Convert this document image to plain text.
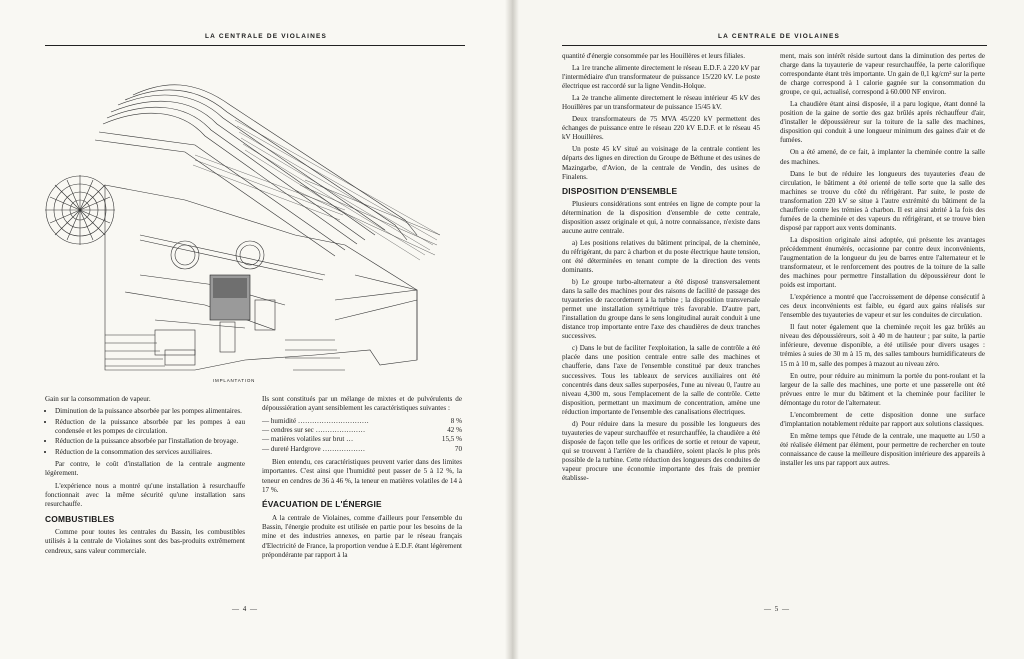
LA CENTRALE DE VIOLAINES
IMPLANTATION

Gain sur la consommation de vapeur.

• Diminution de la puissance absorbée par les pompes alimentaires.
• Réduction de la puissance absorbée par les pompes à eau condensée et les pompes de circulation.
• Réduction de la puissance absorbée par l'installation de broyage.
• Réduction de la consommation des services auxiliaires.

Par contre, le coût d'installation de la centrale augmente légèrement.

L'expérience nous a montré qu'une installation à resurchauffe fonctionnait avec la même sécurité qu'une installation sans resurchauffe.

COMBUSTIBLES

Comme pour toutes les centrales du Bassin, les combustibles utilisés à la centrale de Violaines sont des bas-produits extrêmement cendreux, sans valeur commerciale.

Ils sont constitués par un mélange de mixtes et de pulvérulents de dépoussiération ayant sensiblement les caractéristiques suivantes :

— humidité …………………………	8 %
— cendres sur sec …………………	42 %
— matières volatiles sur brut …	15,5 %
— dureté Hardgrove ………………	70

Bien entendu, ces caractéristiques peuvent varier dans des limites importantes. C'est ainsi que l'humidité peut passer de 5 à 12 %, la teneur en cendres de 36 à 46 %, la teneur en matières volatiles de 14 à 17 %.

ÉVACUATION DE L'ÉNERGIE

A la centrale de Violaines, comme d'ailleurs pour l'ensemble du Bassin, l'énergie produite est utilisée en partie pour les besoins de la mine et des industries annexes, en partie par le réseau français d'Electricité de France, la proportion vendue à E.D.F. étant légèrement prépondérante par rapport à la

— 4 —
LA CENTRALE DE VIOLAINES

quantité d'énergie consommée par les Houillères et leurs filiales.

La 1re tranche alimente directement le réseau E.D.F. à 220 kV par l'intermédiaire d'un transformateur de puissance 15/220 kV. Le poste électrique est raccordé sur la ligne Vendin-Holque.

La 2e tranche alimente directement le réseau intérieur 45 kV des Houillères par un transformateur de puissance 15/45 kV.

Deux transformateurs de 75 MVA 45/220 kV permettent des échanges de puissance entre le réseau 220 kV E.D.F. et le réseau 45 kV Houillères.

Un poste 45 kV situé au voisinage de la centrale contient les départs des lignes en direction du Groupe de Béthune et des usines de Mazingarbe, d'Avion, de la centrale de Vendin, des usines de Finalens.

DISPOSITION D'ENSEMBLE

Plusieurs considérations sont entrées en ligne de compte pour la détermination de la disposition d'ensemble de cette centrale, disposition assez originale et qui, à notre connaissance, n'existe dans aucune autre centrale.

a) Les positions relatives du bâtiment principal, de la cheminée, du réfrigérant, du parc à charbon et du poste électrique haute tension, ont été déterminées en tenant compte de la direction des vents dominants.

b) Le groupe turbo-alternateur a été disposé transversalement dans la salle des machines pour des raisons de facilité de passage des tuyauteries de raccordement à la turbine ; la disposition transversale permet une installation symétrique très favorable. D'autre part, l'installation du groupe dans le sens longitudinal aurait conduit à une distance trop importante entre l'axe des chaudières de deux tranches successives.

c) Dans le but de faciliter l'exploitation, la salle de contrôle a été placée dans une position centrale entre salle des machines et chaufferie, dans l'axe de l'ensemble constitué par deux tranches successives. Tous les tableaux de services auxiliaires ont été concentrés dans deux salles superposées, l'une au niveau 0, l'autre au niveau 4,300 m, sous l'emplacement de la salle de contrôle. Cette disposition, permettant un maximum de concentration, amène une réduction importante de l'ensemble des canalisations électriques.

d) Pour réduire dans la mesure du possible les longueurs des tuyauteries de vapeur surchauffée et resurchauffée, la chaudière a été disposée de façon telle que les orifices de sortie et retour de vapeur, qui se trouvent à l'arrière de la chaudière, soient placés le plus près possible de la turbine. Cette réduction des longueurs des conduites de vapeur procure une économie importante des frais de premier établisse-

ment, mais son intérêt réside surtout dans la diminution des pertes de charge dans la tuyauterie de vapeur resurchauffée, la perte calorifique correspondante étant très importante. Un gain de 0,1 kg/cm² sur la perte de charge correspond à 1 calorie gagnée sur la consommation du groupe, ce qui, actualisé, correspond à 60.000 NF environ.

La chaudière étant ainsi disposée, il a paru logique, étant donné la position de la gaine de sortie des gaz brûlés après réchauffeur d'air, d'installer le dépoussiéreur sur la toiture de la salle des machines, disposition qui conduit à une longueur minimum des gaines d'air et de fumées.

On a été amené, de ce fait, à implanter la cheminée contre la salle des machines.

Dans le but de réduire les longueurs des tuyauteries d'eau de circulation, le bâtiment a été orienté de telle sorte que la salle des machines se trouve du côté du réfrigérant. Par suite, le poste de transformation 220 kV se situe à l'autre extrémité du bâtiment de la chaufferie contre les trémies à charbon. Il est ainsi abrité à la fois des fumées de la cheminée et des vapeurs du réfrigérant, et se trouve bien disposé par rapport aux vents dominants.

La disposition originale ainsi adoptée, qui présente les avantages précédemment énumérés, occasionne par contre deux inconvénients, l'augmentation de la longueur du jeu de barres entre l'alternateur et le transformateur, et le renforcement des poutres de la toiture de la salle des machines pour permettre l'installation du dépoussiéreur dont le poids est important.

L'expérience a montré que l'accroissement de dépense consécutif à ces deux inconvénients est faible, eu égard aux gains réalisés sur l'ensemble des tuyauteries de vapeur et sur les conduites de circulation.

Il faut noter également que la cheminée reçoit les gaz brûlés au niveau des dépoussiéreurs, soit à 40 m de hauteur ; par suite, la partie inférieure, devenue disponible, a été utilisée pour divers usages : trémies à suies de 30 m à 15 m, des salles tambours humidificateurs de 15 m à 10 m, salle des pompes à mazout au niveau zéro.

En outre, pour réduire au minimum la portée du pont-roulant et la largeur de la salle des machines, une porte et une passerelle ont été prévues entre le mur du bâtiment et la cheminée pour faciliter le démontage du rotor de l'alternateur.

L'encombrement de cette disposition donne une surface d'implantation notablement réduite par rapport aux solutions classiques.

En même temps que l'étude de la centrale, une maquette au 1/50 a été réalisée élément par élément, pour permettre de rechercher en toute connaissance de cause la meilleure disposition intérieure des appareils à installer les uns par rapport aux autres.

— 5 —
